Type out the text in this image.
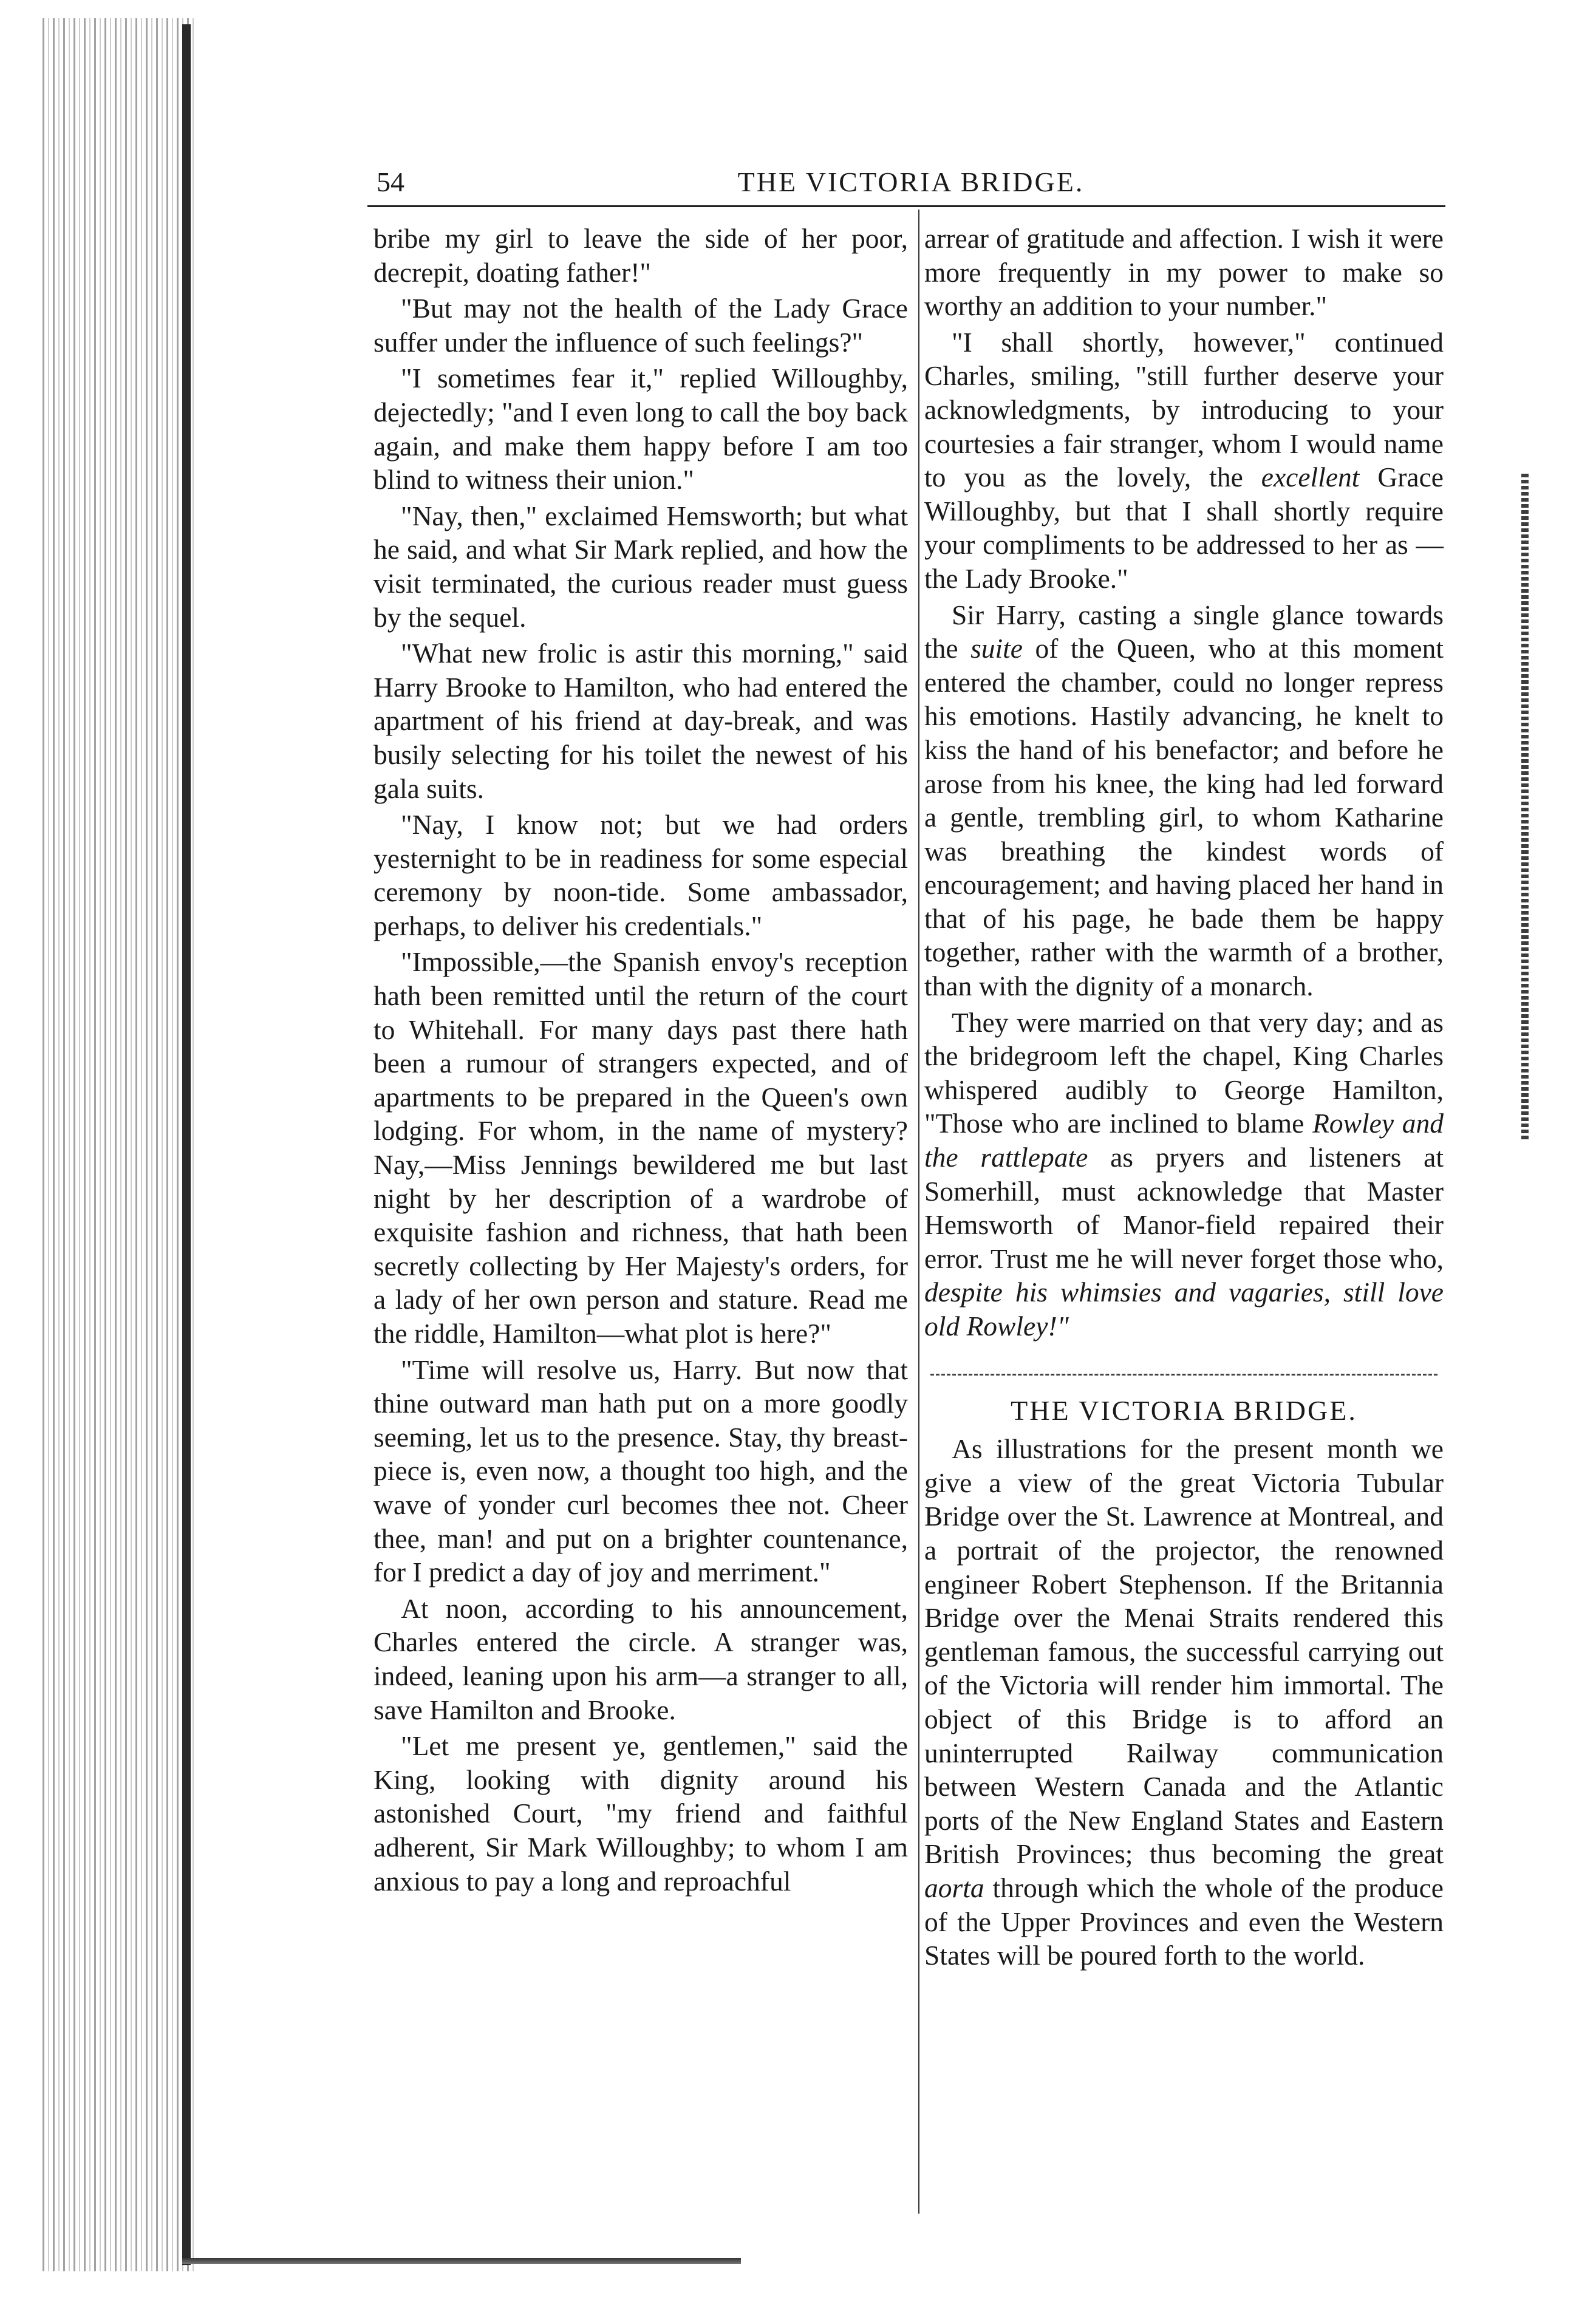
54	THE VICTORIA BRIDGE.

bribe my girl to leave the side of her poor, decrepit, doating father!"

"But may not the health of the Lady Grace suffer under the influence of such feelings?"

"I sometimes fear it," replied Willoughby, dejectedly; "and I even long to call the boy back again, and make them happy before I am too blind to witness their union."

"Nay, then," exclaimed Hemsworth; but what he said, and what Sir Mark replied, and how the visit terminated, the curious reader must guess by the sequel.

"What new frolic is astir this morning," said Harry Brooke to Hamilton, who had entered the apartment of his friend at day-break, and was busily selecting for his toilet the newest of his gala suits.

"Nay, I know not; but we had orders yesternight to be in readiness for some especial ceremony by noon-tide. Some ambassador, perhaps, to deliver his credentials."

"Impossible,—the Spanish envoy's reception hath been remitted until the return of the court to Whitehall. For many days past there hath been a rumour of strangers expected, and of apartments to be prepared in the Queen's own lodging. For whom, in the name of mystery? Nay,—Miss Jennings bewildered me but last night by her description of a wardrobe of exquisite fashion and richness, that hath been secretly collecting by Her Majesty's orders, for a lady of her own person and stature. Read me the riddle, Hamilton—what plot is here?"

"Time will resolve us, Harry. But now that thine outward man hath put on a more goodly seeming, let us to the presence. Stay, thy breast-piece is, even now, a thought too high, and the wave of yonder curl becomes thee not. Cheer thee, man! and put on a brighter countenance, for I predict a day of joy and merriment."

At noon, according to his announcement, Charles entered the circle. A stranger was, indeed, leaning upon his arm—a stranger to all, save Hamilton and Brooke.

"Let me present ye, gentlemen," said the King, looking with dignity around his astonished Court, "my friend and faithful adherent, Sir Mark Willoughby; to whom I am anxious to pay a long and reproachful

arrear of gratitude and affection. I wish it were more frequently in my power to make so worthy an addition to your number."

"I shall shortly, however," continued Charles, smiling, "still further deserve your acknowledgments, by introducing to your courtesies a fair stranger, whom I would name to you as the lovely, the excellent Grace Willoughby, but that I shall shortly require your compliments to be addressed to her as —the Lady Brooke."

Sir Harry, casting a single glance towards the suite of the Queen, who at this moment entered the chamber, could no longer repress his emotions. Hastily advancing, he knelt to kiss the hand of his benefactor; and before he arose from his knee, the king had led forward a gentle, trembling girl, to whom Katharine was breathing the kindest words of encouragement; and having placed her hand in that of his page, he bade them be happy together, rather with the warmth of a brother, than with the dignity of a monarch.

They were married on that very day; and as the bridegroom left the chapel, King Charles whispered audibly to George Hamilton, "Those who are inclined to blame Rowley and the rattlepate as pryers and listeners at Somerhill, must acknowledge that Master Hemsworth of Manor-field repaired their error. Trust me he will never forget those who, despite his whimsies and vagaries, still love old Rowley!"

THE VICTORIA BRIDGE.

As illustrations for the present month we give a view of the great Victoria Tubular Bridge over the St. Lawrence at Montreal, and a portrait of the projector, the renowned engineer Robert Stephenson. If the Britannia Bridge over the Menai Straits rendered this gentleman famous, the successful carrying out of the Victoria will render him immortal. The object of this Bridge is to afford an uninterrupted Railway communication between Western Canada and the Atlantic ports of the New England States and Eastern British Provinces; thus becoming the great aorta through which the whole of the produce of the Upper Provinces and even the Western States will be poured forth to the world.
